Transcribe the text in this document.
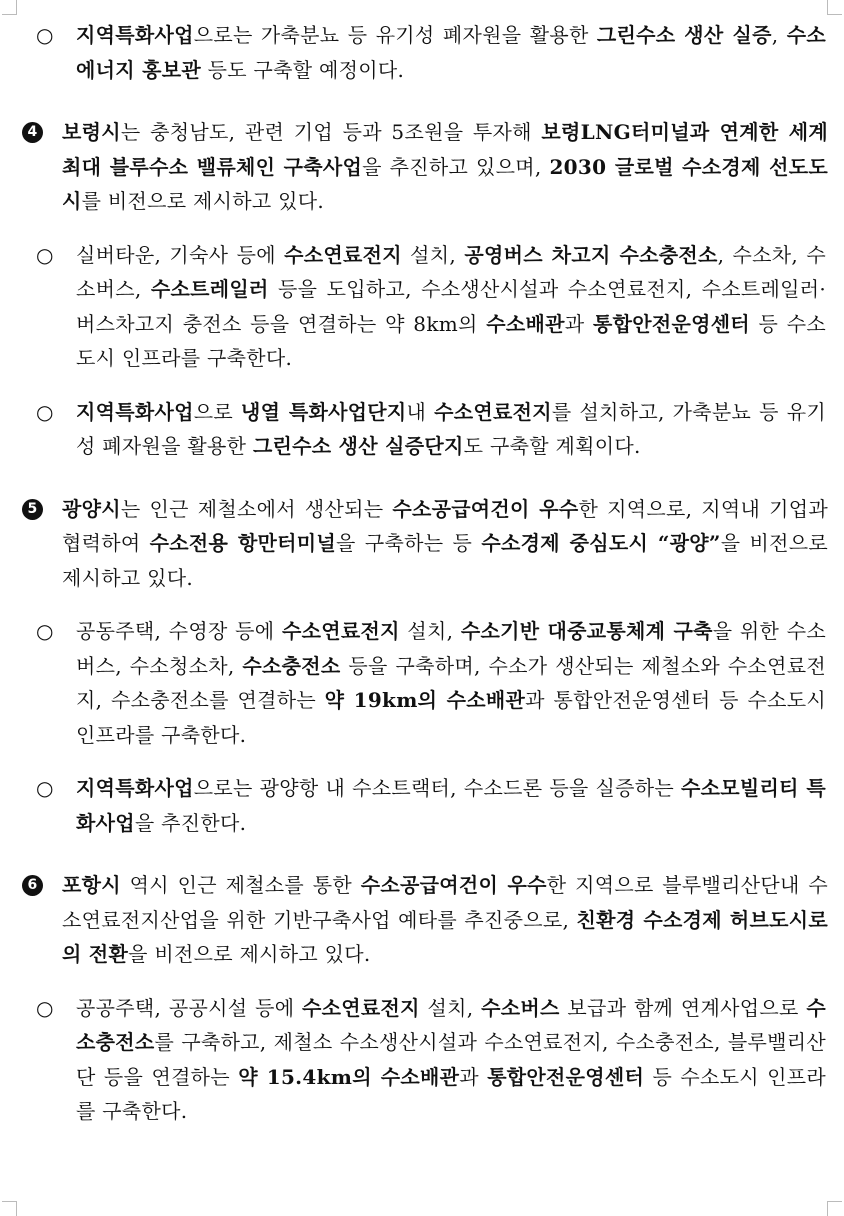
○ 지역특화사업으로는 가축분뇨 등 유기성 폐자원을 활용한 그린수소 생산 실증, 수소에너지 홍보관 등도 구축할 예정이다.
4 보령시는 충청남도, 관련 기업 등과 5조원을 투자해 보령LNG터미널과 연계한 세계 최대 블루수소 밸류체인 구축사업을 추진하고 있으며, 2030 글로벌 수소경제 선도도시를 비전으로 제시하고 있다.
○ 실버타운, 기숙사 등에 수소연료전지 설치, 공영버스 차고지 수소충전소, 수소차, 수소버스, 수소트레일러 등을 도입하고, 수소생산시설과 수소연료전지, 수소트레일러·버스차고지 충전소 등을 연결하는 약 8km의 수소배관과 통합안전운영센터 등 수소도시 인프라를 구축한다.
○ 지역특화사업으로 냉열 특화사업단지내 수소연료전지를 설치하고, 가축분뇨 등 유기성 폐자원을 활용한 그린수소 생산 실증단지도 구축할 계획이다.
5 광양시는 인근 제철소에서 생산되는 수소공급여건이 우수한 지역으로, 지역내 기업과 협력하여 수소전용 항만터미널을 구축하는 등 수소경제 중심도시 “광양”을 비전으로 제시하고 있다.
○ 공동주택, 수영장 등에 수소연료전지 설치, 수소기반 대중교통체계 구축을 위한 수소버스, 수소청소차, 수소충전소 등을 구축하며, 수소가 생산되는 제철소와 수소연료전지, 수소충전소를 연결하는 약 19km의 수소배관과 통합안전운영센터 등 수소도시 인프라를 구축한다.
○ 지역특화사업으로는 광양항 내 수소트랙터, 수소드론 등을 실증하는 수소모빌리티 특화사업을 추진한다.
6 포항시 역시 인근 제철소를 통한 수소공급여건이 우수한 지역으로 블루밸리산단내 수소연료전지산업을 위한 기반구축사업 예타를 추진중으로, 친환경 수소경제 허브도시로의 전환을 비전으로 제시하고 있다.
○ 공공주택, 공공시설 등에 수소연료전지 설치, 수소버스 보급과 함께 연계사업으로 수소충전소를 구축하고, 제철소 수소생산시설과 수소연료전지, 수소충전소, 블루밸리산단 등을 연결하는 약 15.4km의 수소배관과 통합안전운영센터 등 수소도시 인프라를 구축한다.
